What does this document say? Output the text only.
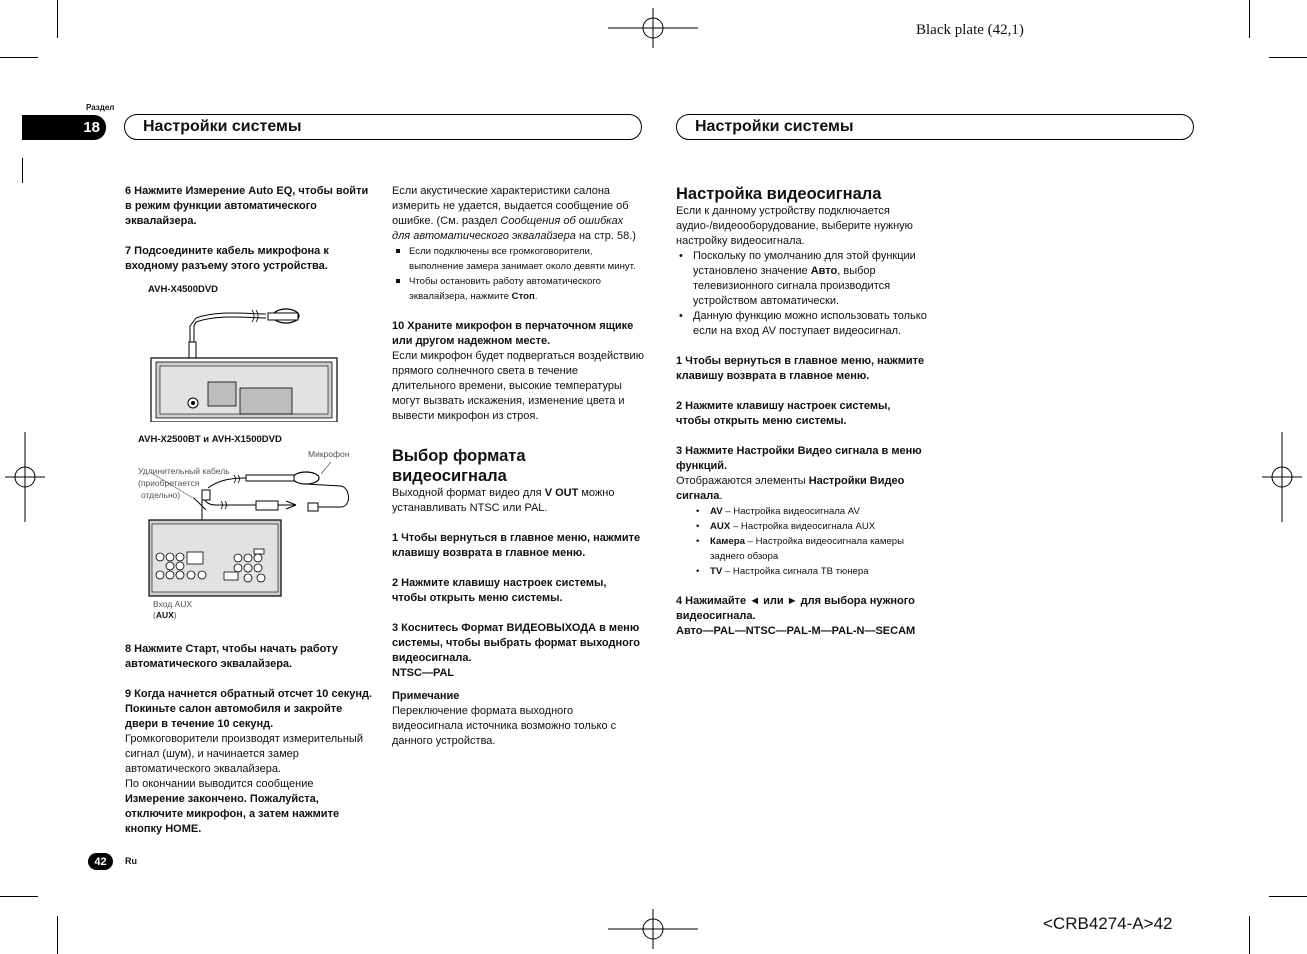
Black plate (42,1)
<CRB4274-A>42
Раздел
18	Настройки системы	Настройки системы

6 Нажмите Измерение Auto EQ, чтобы войти в режим функции автоматического эквалайзера.

7 Подсоедините кабель микрофона к входному разъему этого устройства.

AVH-X4500DVD
AVH-X2500BT и AVH-X1500DVD
Микрофон
Удлинительный кабель
(приобретается
отдельно)
Вход AUX
(AUX)

8 Нажмите Старт, чтобы начать работу автоматического эквалайзера.

9 Когда начнется обратный отсчет 10 секунд. Покиньте салон автомобиля и закройте двери в течение 10 секунд.

Громкоговорители производят измерительный сигнал (шум), и начинается замер автоматического эквалайзера.

По окончании выводится сообщение Измерение закончено. Пожалуйста, отключите микрофон, а затем нажмите кнопку HOME.

Если акустические характеристики салона измерить не удается, выдается сообщение об ошибке. (См. раздел Сообщения об ошибках для автоматического эквалайзера на стр. 58.)

Если подключены все громкоговорители, выполнение замера занимает около девяти минут.
Чтобы остановить работу автоматического эквалайзера, нажмите Стоп.

10 Храните микрофон в перчаточном ящике или другом надежном месте.

Если микрофон будет подвергаться воздействию прямого солнечного света в течение длительного времени, высокие температуры могут вызвать искажения, изменение цвета и вывести микрофон из строя.

Выбор формата видеосигнала

Выходной формат видео для V OUT можно устанавливать NTSC или PAL.

1 Чтобы вернуться в главное меню, нажмите клавишу возврата в главное меню.

2 Нажмите клавишу настроек системы, чтобы открыть меню системы.

3 Коснитесь Формат ВИДЕОВЫХОДА в меню системы, чтобы выбрать формат выходного видеосигнала.

NTSC—PAL

Примечание

Переключение формата выходного видеосигнала источника возможно только с данного устройства.

Настройка видеосигнала

Если к данному устройству подключается аудио-/видеооборудование, выберите нужную настройку видеосигнала.

• Поскольку по умолчанию для этой функции установлено значение Авто, выбор телевизионного сигнала производится устройством автоматически.
• Данную функцию можно использовать только если на вход AV поступает видеосигнал.

1 Чтобы вернуться в главное меню, нажмите клавишу возврата в главное меню.

2 Нажмите клавишу настроек системы, чтобы открыть меню системы.

3 Нажмите Настройки Видео сигнала в меню функций.

Отображаются элементы Настройки Видео сигнала.

• AV – Настройка видеосигнала AV
• AUX – Настройка видеосигнала AUX
• Камера – Настройка видеосигнала камеры заднего обзора
• TV – Настройка сигнала ТВ тюнера

4 Нажимайте ◄ или ► для выбора нужного видеосигнала.

Авто—PAL—NTSC—PAL-M—PAL-N—SECAM

42	Ru
